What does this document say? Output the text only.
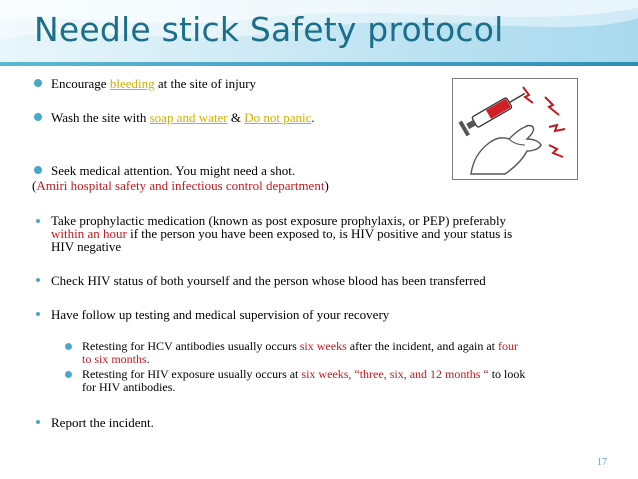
Needle stick Safety protocol
Encourage bleeding at the site of injury
Wash the site with soap and water & Do not panic.
Seek medical attention. You might need a shot.
(Amiri hospital safety and infectious control department)
Take prophylactic medication (known as post exposure prophylaxis, or PEP) preferably
within an hour if the person you have been exposed to, is HIV positive and your status is
HIV negative
Check HIV status of both yourself and the person whose blood has been transferred
Have follow up testing and medical supervision of your recovery
Retesting for HCV antibodies usually occurs six weeks after the incident, and again at four
to six months.
Retesting for HIV exposure usually occurs at six weeks, “three, six, and 12 months “ to look
for HIV antibodies.
Report the incident.
17
